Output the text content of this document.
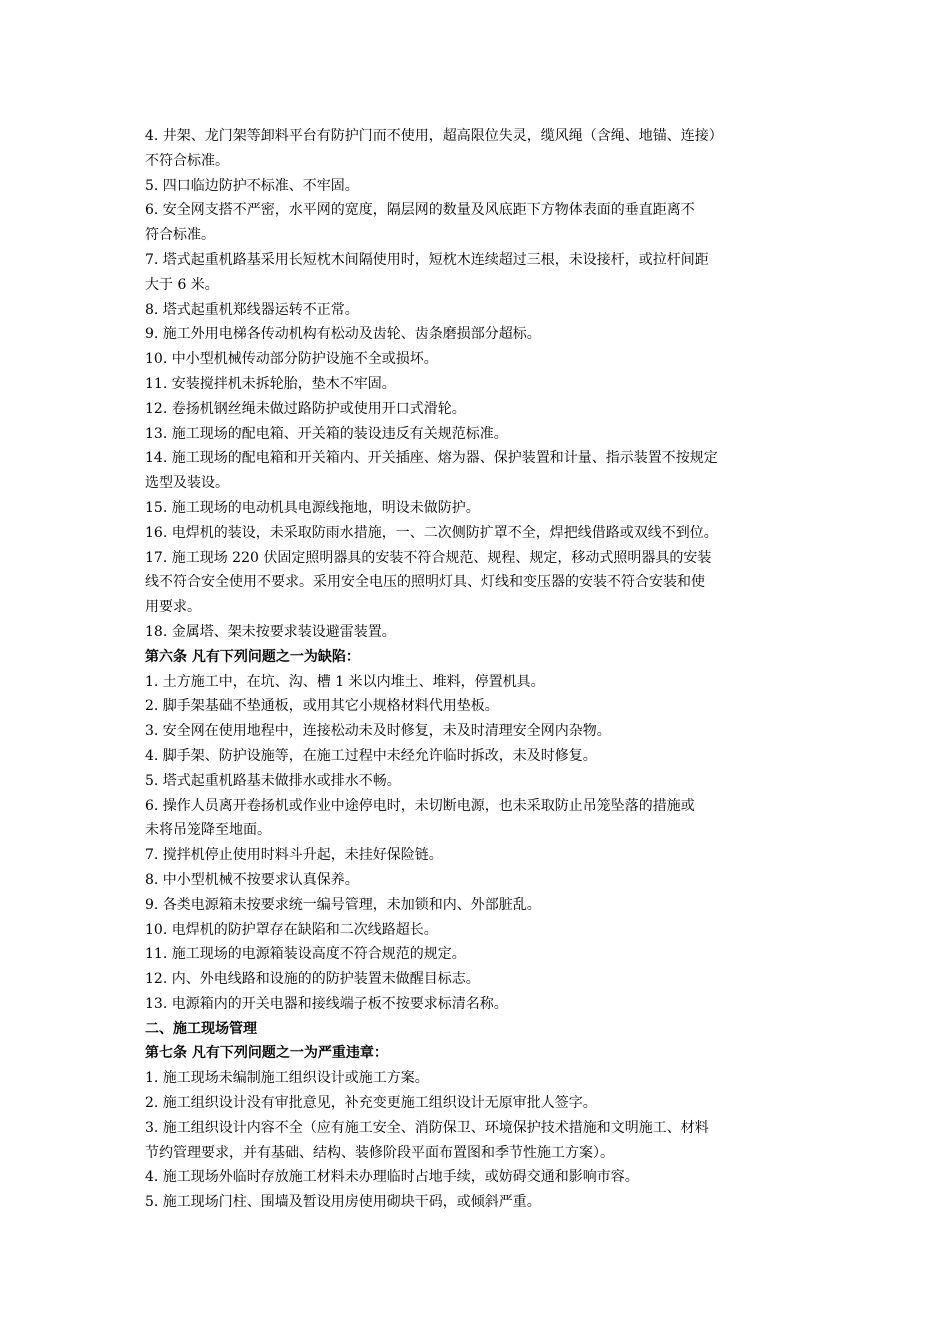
4. 井架、龙门架等卸料平台有防护门而不使用，超高限位失灵，缆风绳（含绳、地锚、连接）

不符合标准。

5. 四口临边防护不标准、不牢固。

6. 安全网支搭不严密，水平网的宽度，隔层网的数量及风底距下方物体表面的垂直距离不

符合标准。

7. 塔式起重机路基采用长短枕木间隔使用时，短枕木连续超过三根，未设接杆，或拉杆间距

大于 6 米。

8. 塔式起重机郑线器运转不正常。

9. 施工外用电梯各传动机构有松动及齿轮、齿条磨损部分超标。

10. 中小型机械传动部分防护设施不全或损坏。

11. 安装搅拌机未拆轮胎，垫木不牢固。

12. 卷扬机钢丝绳未做过路防护或使用开口式滑轮。

13. 施工现场的配电箱、开关箱的装设违反有关规范标准。

14. 施工现场的配电箱和开关箱内、开关插座、熔为器、保护装置和计量、指示装置不按规定

选型及装设。

15. 施工现场的电动机具电源线拖地，明设未做防护。

16. 电焊机的装设，未采取防雨水措施，一、二次侧防扩罩不全，焊把线借路或双线不到位。

17. 施工现场 220 伏固定照明器具的安装不符合规范、规程、规定，移动式照明器具的安装

线不符合安全使用不要求。采用安全电压的照明灯具、灯线和变压器的安装不符合安装和使

用要求。

18. 金属塔、架未按要求装设避雷装置。

第六条 凡有下列问题之一为缺陷：

1. 土方施工中，在坑、沟、槽 1 米以内堆土、堆料，停置机具。

2. 脚手架基础不垫通板，或用其它小规格材料代用垫板。

3. 安全网在使用地程中，连接松动未及时修复，未及时清理安全网内杂物。

4. 脚手架、防护设施等，在施工过程中未经允许临时拆改，未及时修复。

5. 塔式起重机路基未做排水或排水不畅。

6. 操作人员离开卷扬机或作业中途停电时，未切断电源，也未采取防止吊笼坠落的措施或

未将吊笼降至地面。

7. 搅拌机停止使用时料斗升起，未挂好保险链。

8. 中小型机械不按要求认真保养。

9. 各类电源箱未按要求统一编号管理，未加锁和内、外部脏乱。

10. 电焊机的防护罩存在缺陷和二次线路超长。

11. 施工现场的电源箱装设高度不符合规范的规定。

12. 内、外电线路和设施的的防护装置未做醒目标志。

13. 电源箱内的开关电器和接线端子板不按要求标清名称。

二、施工现场管理

第七条 凡有下列问题之一为严重违章：

1. 施工现场未编制施工组织设计或施工方案。

2. 施工组织设计没有审批意见，补充变更施工组织设计无原审批人签字。

3. 施工组织设计内容不全（应有施工安全、消防保卫、环境保护技术措施和文明施工、材料

节约管理要求，并有基础、结构、装修阶段平面布置图和季节性施工方案）。

4. 施工现场外临时存放施工材料未办理临时占地手续，或妨碍交通和影响市容。

5. 施工现场门柱、围墙及暂设用房使用砌块干码，或倾斜严重。
